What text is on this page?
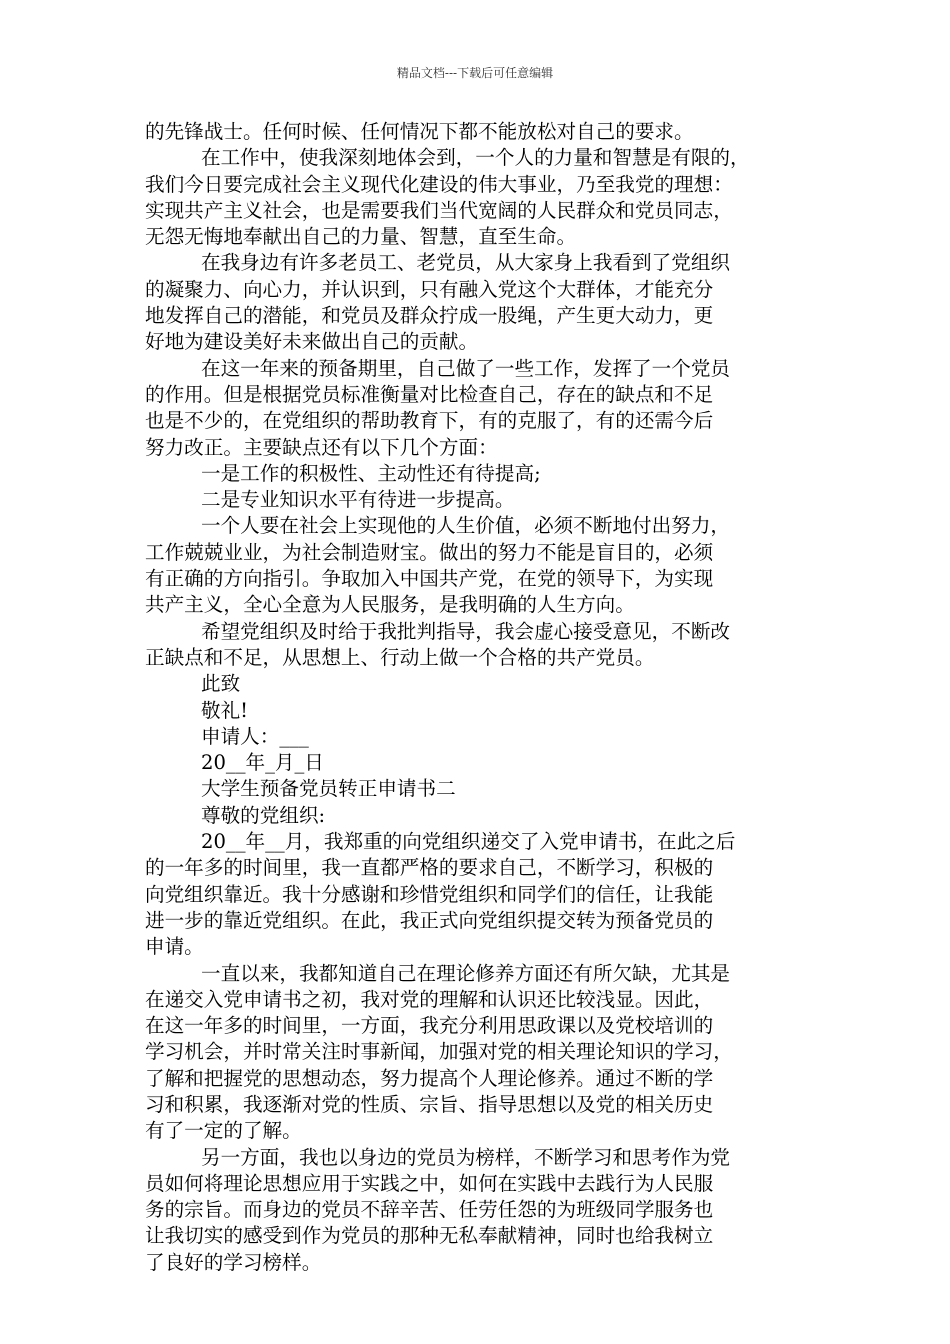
精品文档---下载后可任意编辑
的先锋战士。任何时候、任何情况下都不能放松对自己的要求。
在工作中，使我深刻地体会到，一个人的力量和智慧是有限的，
我们今日要完成社会主义现代化建设的伟大事业，乃至我党的理想：
实现共产主义社会，也是需要我们当代宽阔的人民群众和党员同志，
无怨无悔地奉献出自己的力量、智慧，直至生命。
在我身边有许多老员工、老党员，从大家身上我看到了党组织
的凝聚力、向心力，并认识到，只有融入党这个大群体，才能充分
地发挥自己的潜能，和党员及群众拧成一股绳，产生更大动力，更
好地为建设美好未来做出自己的贡献。
在这一年来的预备期里，自己做了一些工作，发挥了一个党员
的作用。但是根据党员标准衡量对比检查自己，存在的缺点和不足
也是不少的，在党组织的帮助教育下，有的克服了，有的还需今后
努力改正。主要缺点还有以下几个方面：
一是工作的积极性、主动性还有待提高;
二是专业知识水平有待进一步提高。
一个人要在社会上实现他的人生价值，必须不断地付出努力，
工作兢兢业业，为社会制造财宝。做出的努力不能是盲目的，必须
有正确的方向指引。争取加入中国共产党，在党的领导下，为实现
共产主义，全心全意为人民服务，是我明确的人生方向。
希望党组织及时给于我批判指导，我会虚心接受意见，不断改
正缺点和不足，从思想上、行动上做一个合格的共产党员。
此致
敬礼!
申请人：___
20__年_月_日
大学生预备党员转正申请书二
尊敬的党组织:
20__年__月，我郑重的向党组织递交了入党申请书，在此之后
的一年多的时间里，我一直都严格的要求自己，不断学习，积极的
向党组织靠近。我十分感谢和珍惜党组织和同学们的信任，让我能
进一步的靠近党组织。在此，我正式向党组织提交转为预备党员的
申请。
一直以来，我都知道自己在理论修养方面还有所欠缺，尤其是
在递交入党申请书之初，我对党的理解和认识还比较浅显。因此，
在这一年多的时间里，一方面，我充分利用思政课以及党校培训的
学习机会，并时常关注时事新闻，加强对党的相关理论知识的学习，
了解和把握党的思想动态，努力提高个人理论修养。通过不断的学
习和积累，我逐渐对党的性质、宗旨、指导思想以及党的相关历史
有了一定的了解。
另一方面，我也以身边的党员为榜样，不断学习和思考作为党
员如何将理论思想应用于实践之中，如何在实践中去践行为人民服
务的宗旨。而身边的党员不辞辛苦、任劳任怨的为班级同学服务也
让我切实的感受到作为党员的那种无私奉献精神，同时也给我树立
了良好的学习榜样。
